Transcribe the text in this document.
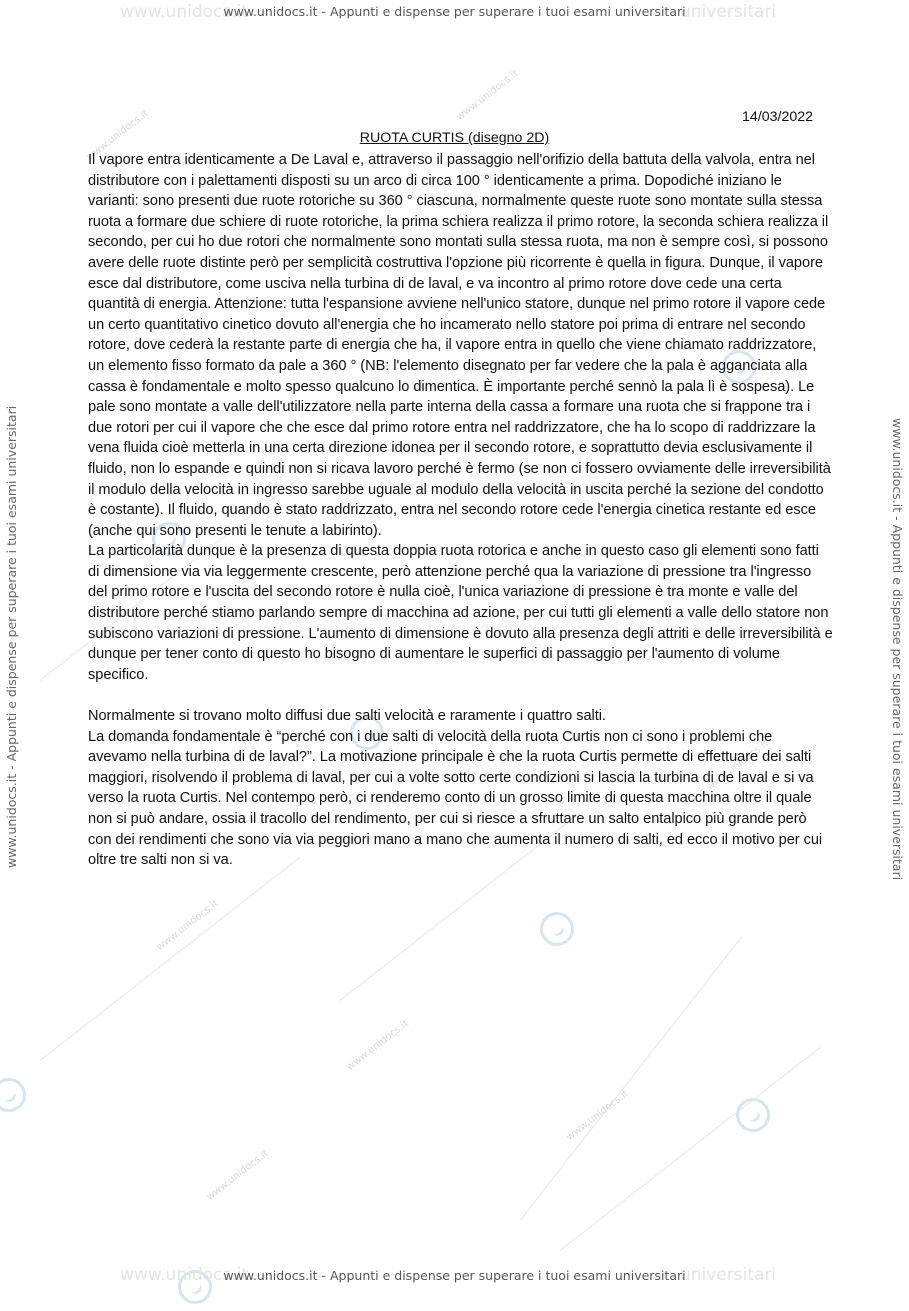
www.unidocs.it	universitari
www.unidocs.it	universitari
www.unidocs.it
www.unidocs.it
www.unidocs.it
www.unidocs.it
www.unidocs.it
www.unidocs.it
www.unidocs.it
www.unidocs.it - Appunti e dispense per superare i tuoi esami universitari	www.unidocs.it - Appunti e dispense per superare i tuoi esami universitari
www.unidocs.it - Appunti e dispense per superare i tuoi esami universitari
www.unidocs.it - Appunti e dispense per superare i tuoi esami universitari
14/03/2022
RUOTA CURTIS (disegno 2D)

Il vapore entra identicamente a De Laval e, attraverso il passaggio nell'orifizio della battuta della valvola, entra nel distributore con i palettamenti disposti su un arco di circa 100 ° identicamente a prima. Dopodiché iniziano le varianti: sono presenti due ruote rotoriche su 360 ° ciascuna, normalmente queste ruote sono montate sulla stessa ruota a formare due schiere di ruote rotoriche, la prima schiera realizza il primo rotore, la seconda schiera realizza il secondo, per cui ho due rotori che normalmente sono montati sulla stessa ruota, ma non è sempre così, si possono avere delle ruote distinte però per semplicità costruttiva l'opzione più ricorrente è quella in figura. Dunque, il vapore esce dal distributore, come usciva nella turbina di de laval, e va incontro al primo rotore dove cede una certa quantità di energia. Attenzione: tutta l'espansione avviene nell'unico statore, dunque nel primo rotore il vapore cede un certo quantitativo cinetico dovuto all'energia che ho incamerato nello statore poi prima di entrare nel secondo rotore, dove cederà la restante parte di energia che ha, il vapore entra in quello che viene chiamato raddrizzatore, un elemento fisso formato da pale a 360 ° (NB: l'elemento disegnato per far vedere che la pala è agganciata alla cassa è fondamentale e molto spesso qualcuno lo dimentica. È importante perché sennò la pala lì è sospesa). Le pale sono montate a valle dell'utilizzatore nella parte interna della cassa a formare una ruota che si frappone tra i due rotori per cui il vapore che che esce dal primo rotore entra nel raddrizzatore, che ha lo scopo di raddrizzare la vena fluida cioè metterla in una certa direzione idonea per il secondo rotore, e soprattutto devia esclusivamente il fluido, non lo espande e quindi non si ricava lavoro perché è fermo (se non ci fossero ovviamente delle irreversibilità il modulo della velocità in ingresso sarebbe uguale al modulo della velocità in uscita perché la sezione del condotto è costante). Il fluido, quando è stato raddrizzato, entra nel secondo rotore cede l'energia cinetica restante ed esce (anche qui sono presenti le tenute a labirinto).

La particolarità dunque è la presenza di questa doppia ruota rotorica e anche in questo caso gli elementi sono fatti di dimensione via via leggermente crescente, però attenzione perché qua la variazione di pressione tra l'ingresso del primo rotore e l'uscita del secondo rotore è nulla cioè, l'unica variazione di pressione è tra monte e valle del distributore perché stiamo parlando sempre di macchina ad azione, per cui tutti gli elementi a valle dello statore non subiscono variazioni di pressione. L'aumento di dimensione è dovuto alla presenza degli attriti e delle irreversibilità e dunque per tener conto di questo ho bisogno di aumentare le superfici di passaggio per l'aumento di volume specifico.

Normalmente si trovano molto diffusi due salti velocità e raramente i quattro salti.

La domanda fondamentale è “perché con i due salti di velocità della ruota Curtis non ci sono i problemi che avevamo nella turbina di de laval?”. La motivazione principale è che la ruota Curtis permette di effettuare dei salti maggiori, risolvendo il problema di laval, per cui a volte sotto certe condizioni si lascia la turbina di de laval e si va verso la ruota Curtis. Nel contempo però, ci renderemo conto di un grosso limite di questa macchina oltre il quale non si può andare, ossia il tracollo del rendimento, per cui si riesce a sfruttare un salto entalpico più grande però con dei rendimenti che sono via via peggiori mano a mano che aumenta il numero di salti, ed ecco il motivo per cui oltre tre salti non si va.
